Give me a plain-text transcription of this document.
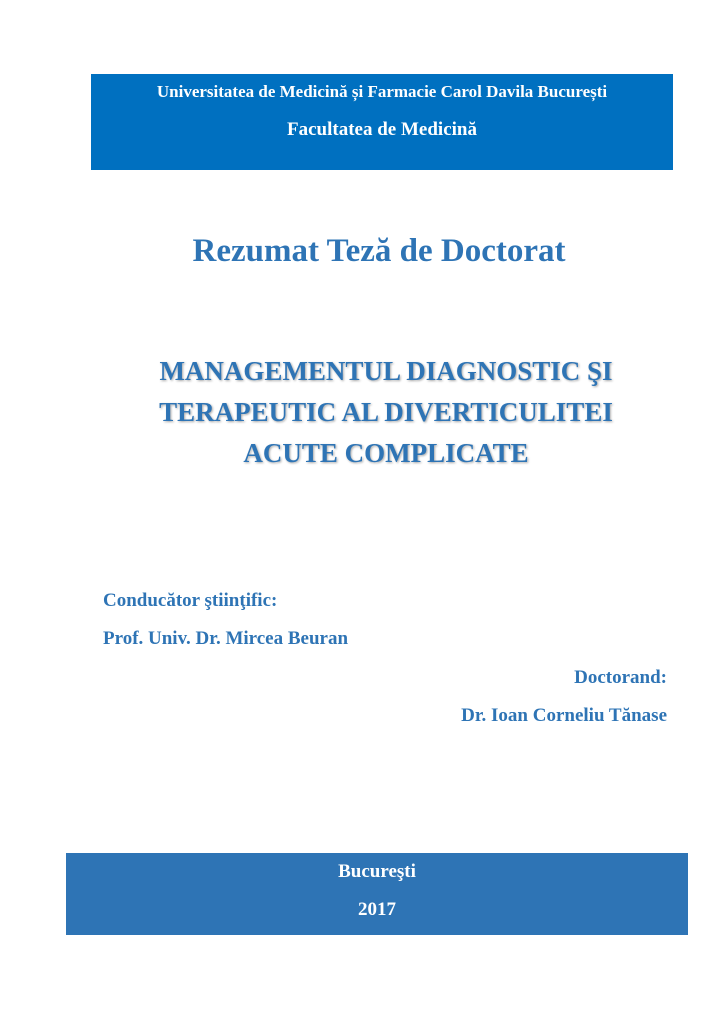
Universitatea de Medicină și Farmacie Carol Davila București
Facultatea de Medicină
Rezumat Teză de Doctorat
MANAGEMENTUL DIAGNOSTIC ŞI
TERAPEUTIC AL DIVERTICULITEI
ACUTE COMPLICATE
Conducător ştiinţific:
Prof. Univ. Dr. Mircea Beuran
Doctorand:
Dr. Ioan Corneliu Tănase
Bucureşti
2017
